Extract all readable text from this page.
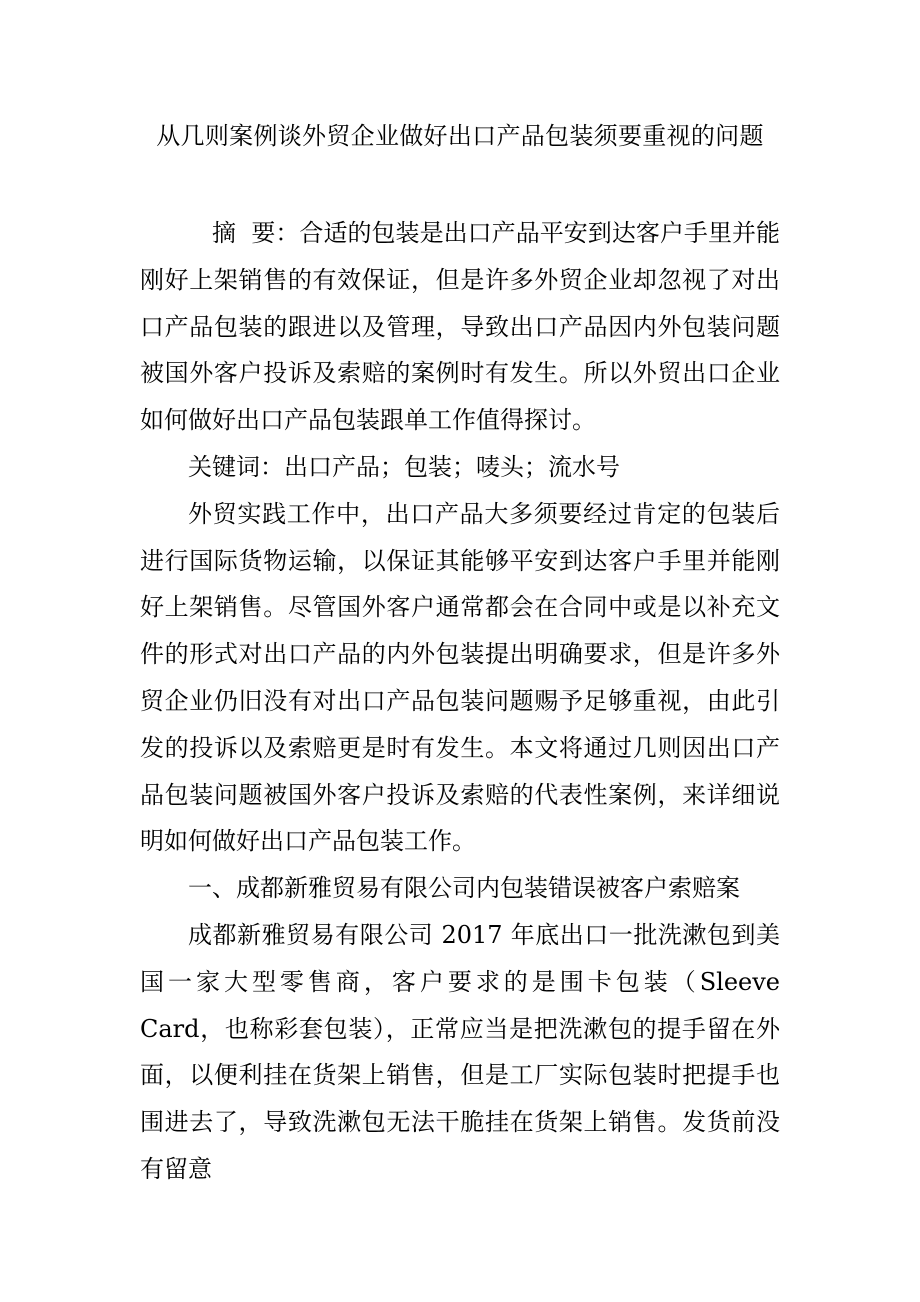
从几则案例谈外贸企业做好出口产品包装须要重视的问题

摘  要：合适的包装是出口产品平安到达客户手里并能刚好上架销售的有效保证，但是许多外贸企业却忽视了对出口产品包装的跟进以及管理，导致出口产品因内外包装问题被国外客户投诉及索赔的案例时有发生。所以外贸出口企业如何做好出口产品包装跟单工作值得探讨。

关键词：出口产品；包装；唛头；流水号

外贸实践工作中，出口产品大多须要经过肯定的包装后进行国际货物运输，以保证其能够平安到达客户手里并能刚好上架销售。尽管国外客户通常都会在合同中或是以补充文件的形式对出口产品的内外包装提出明确要求，但是许多外贸企业仍旧没有对出口产品包装问题赐予足够重视，由此引发的投诉以及索赔更是时有发生。本文将通过几则因出口产品包装问题被国外客户投诉及索赔的代表性案例，来详细说明如何做好出口产品包装工作。

一、成都新雅贸易有限公司内包装错误被客户索赔案

成都新雅贸易有限公司 2017 年底出口一批洗漱包到美国一家大型零售商，客户要求的是围卡包装（Sleeve Card，也称彩套包装），正常应当是把洗漱包的提手留在外面，以便利挂在货架上销售，但是工厂实际包装时把提手也围进去了，导致洗漱包无法干脆挂在货架上销售。发货前没有留意
